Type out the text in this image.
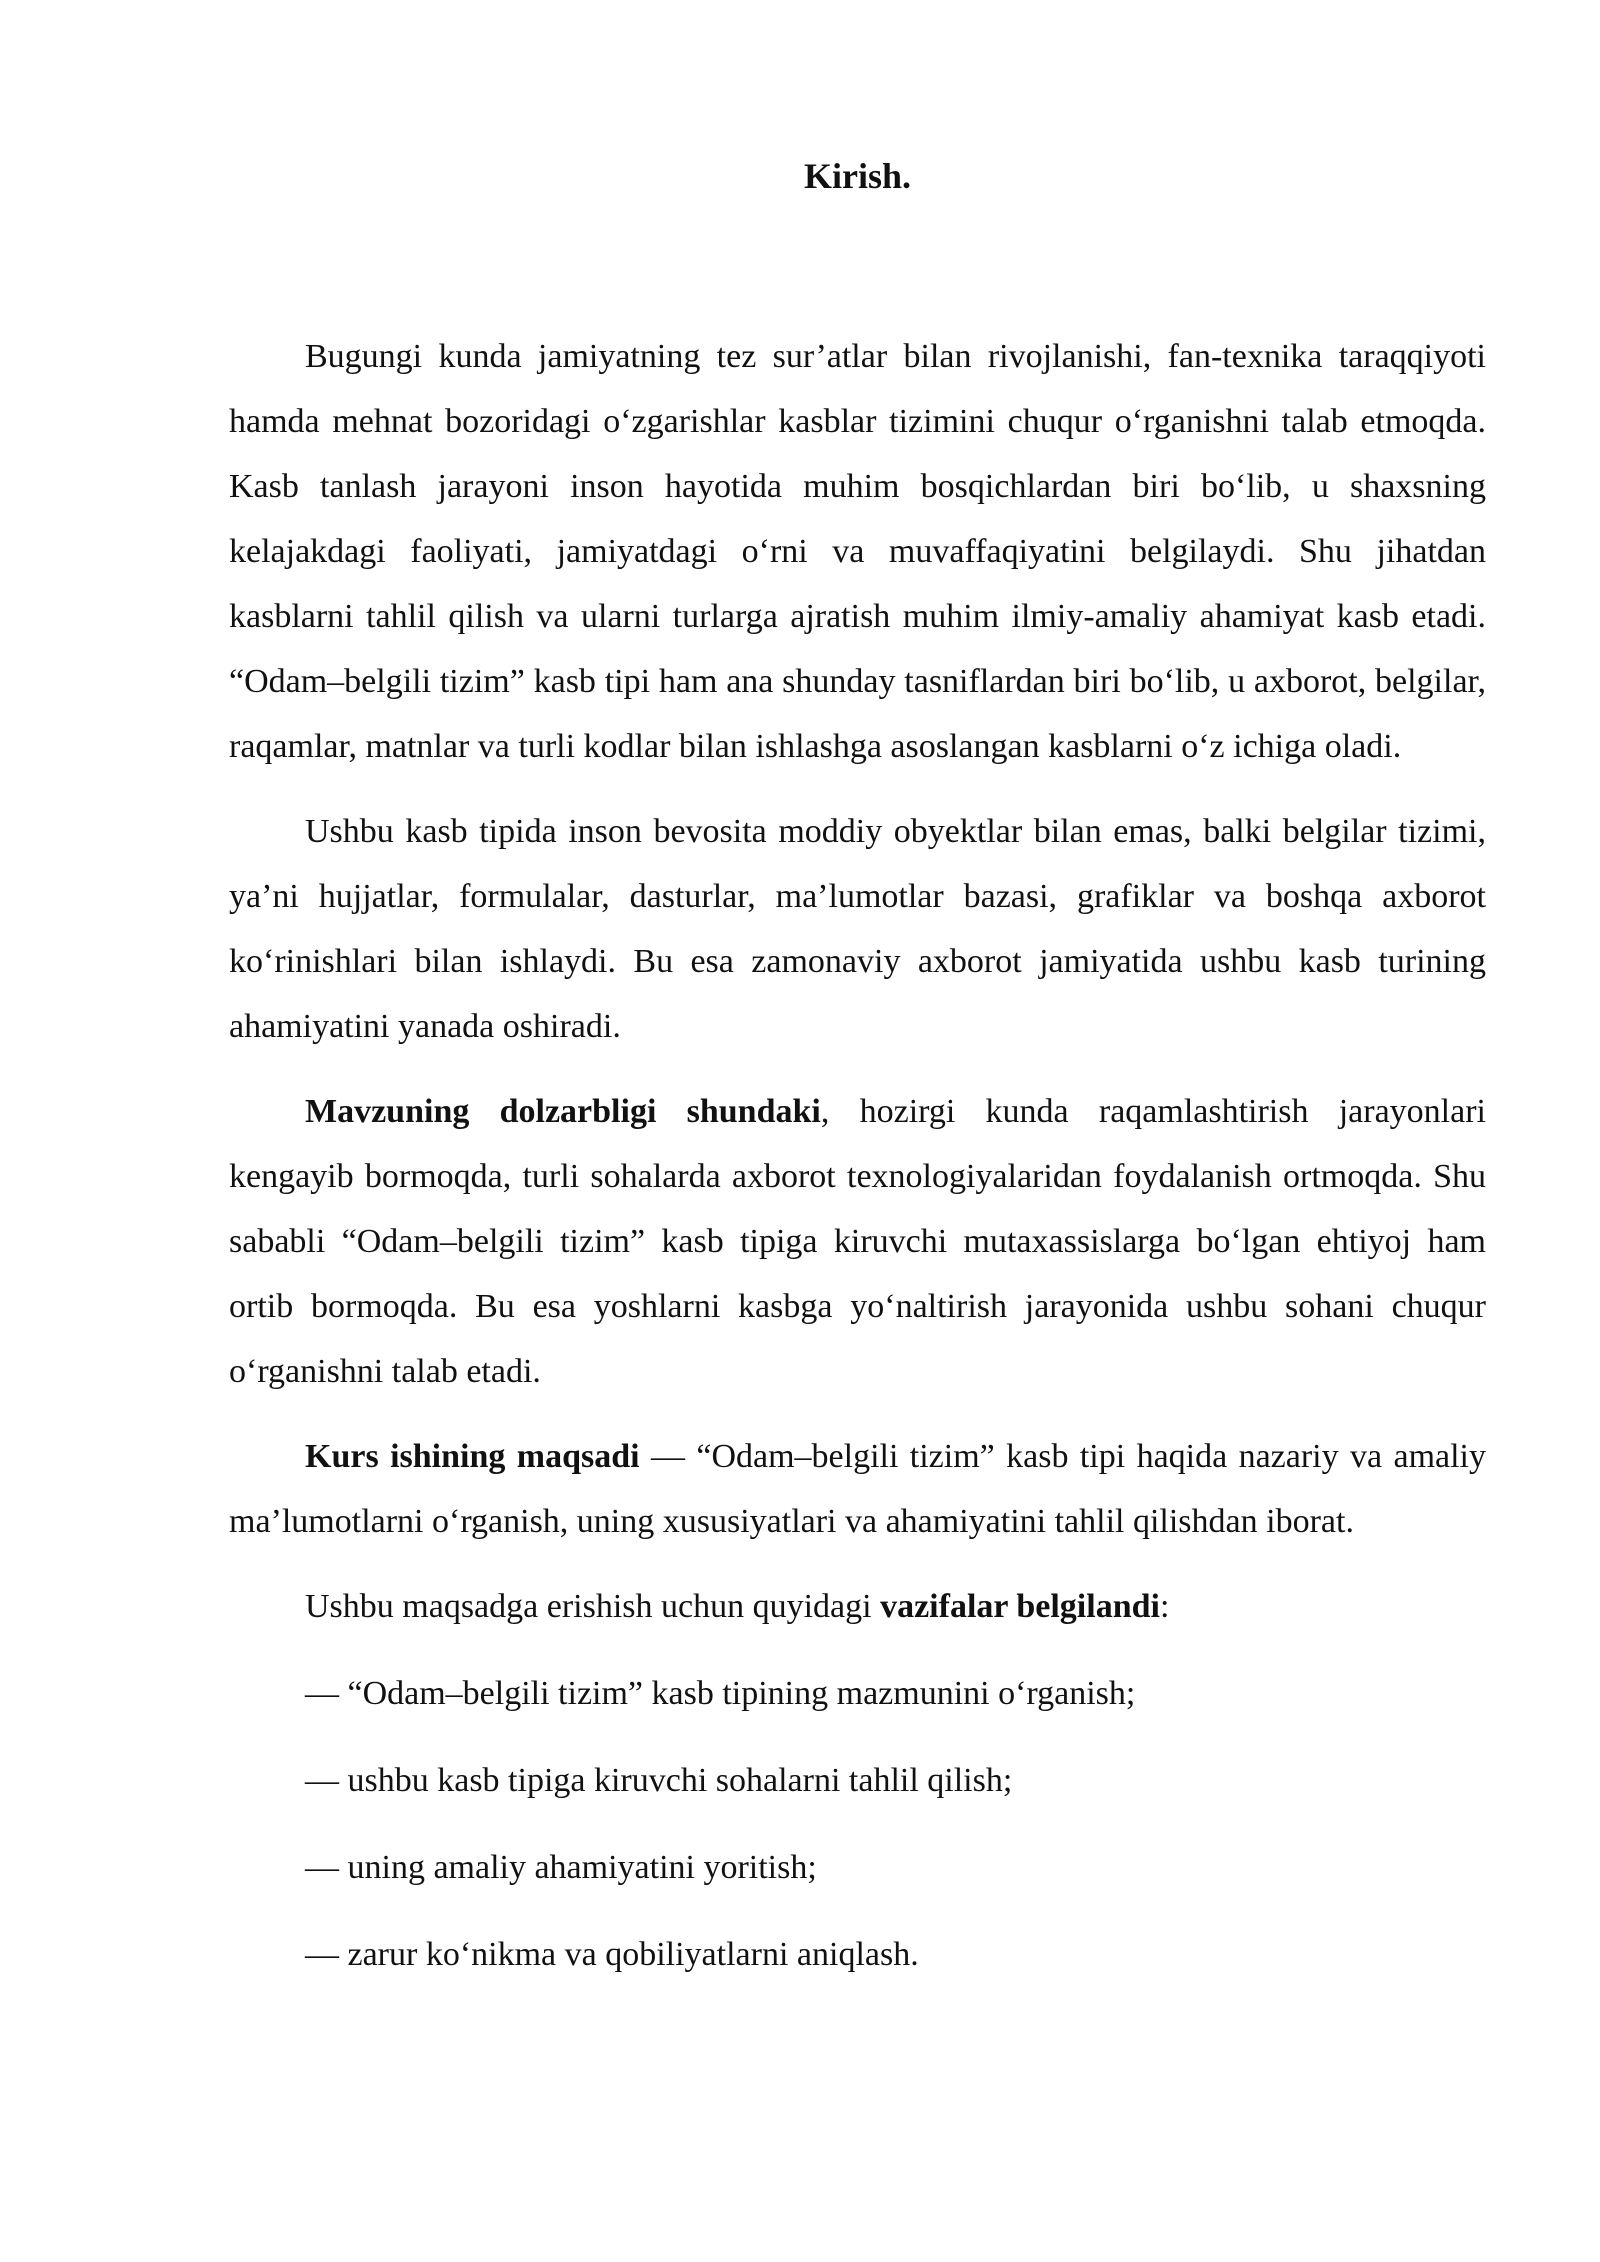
Kirish.

Bugungi kunda jamiyatning tez sur’atlar bilan rivojlanishi, fan-texnika taraqqiyoti hamda mehnat bozoridagi o‘zgarishlar kasblar tizimini chuqur o‘rganishni talab etmoqda. Kasb tanlash jarayoni inson hayotida muhim bosqichlardan biri bo‘lib, u shaxsning kelajakdagi faoliyati, jamiyatdagi o‘rni va muvaffaqiyatini belgilaydi. Shu jihatdan kasblarni tahlil qilish va ularni turlarga ajratish muhim ilmiy-amaliy ahamiyat kasb etadi. “Odam–belgili tizim” kasb tipi ham ana shunday tasniflardan biri bo‘lib, u axborot, belgilar, raqamlar, matnlar va turli kodlar bilan ishlashga asoslangan kasblarni o‘z ichiga oladi.

Ushbu kasb tipida inson bevosita moddiy obyektlar bilan emas, balki belgilar tizimi, ya’ni hujjatlar, formulalar, dasturlar, ma’lumotlar bazasi, grafiklar va boshqa axborot ko‘rinishlari bilan ishlaydi. Bu esa zamonaviy axborot jamiyatida ushbu kasb turining ahamiyatini yanada oshiradi.

Mavzuning dolzarbligi shundaki, hozirgi kunda raqamlashtirish jarayonlari kengayib bormoqda, turli sohalarda axborot texnologiyalaridan foydalanish ortmoqda. Shu sababli “Odam–belgili tizim” kasb tipiga kiruvchi mutaxassislarga bo‘lgan ehtiyoj ham ortib bormoqda. Bu esa yoshlarni kasbga yo‘naltirish jarayonida ushbu sohani chuqur o‘rganishni talab etadi.

Kurs ishining maqsadi — “Odam–belgili tizim” kasb tipi haqida nazariy va amaliy ma’lumotlarni o‘rganish, uning xususiyatlari va ahamiyatini tahlil qilishdan iborat.

Ushbu maqsadga erishish uchun quyidagi vazifalar belgilandi:

— “Odam–belgili tizim” kasb tipining mazmunini o‘rganish;

— ushbu kasb tipiga kiruvchi sohalarni tahlil qilish;

— uning amaliy ahamiyatini yoritish;

— zarur ko‘nikma va qobiliyatlarni aniqlash.
